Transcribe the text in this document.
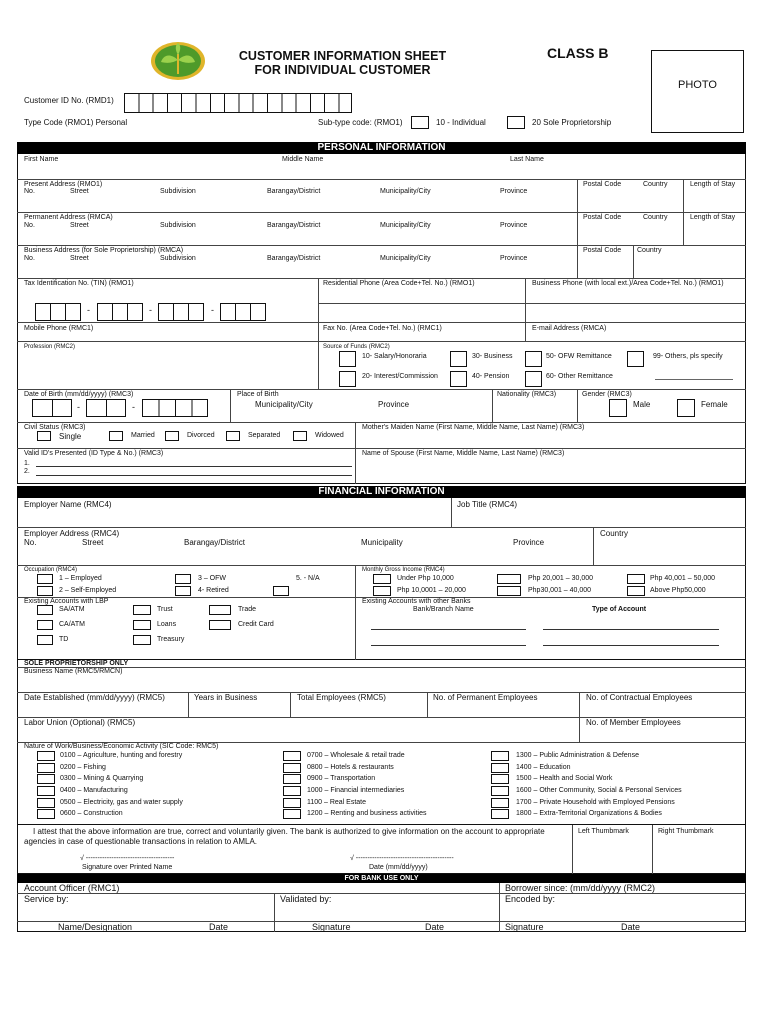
CUSTOMER INFORMATION SHEET
FOR INDIVIDUAL CUSTOMER
CLASS B
PHOTO
Customer ID No. (RMD1)
Type Code (RMO1) Personal	Sub-type code: (RMO1)	10 - Individual	20 Sole Proprietorship
PERSONAL INFORMATION
First Name	Middle Name	Last Name
Present Address (RMO1)
No.	Street	Subdivision	Barangay/District	Municipality/City	Province
Postal Code	Country	Length of Stay
Permanent Address (RMCA)
No.	Street	Subdivision	Barangay/District	Municipality/City	Province
Postal Code	Country	Length of Stay
Business Address (for Sole Proprietorship) (RMCA)
No.	Street	Subdivision	Barangay/District	Municipality/City	Province
Postal Code Country
Tax Identification No. (TIN) (RMO1)	Residential Phone (Area Code+Tel. No.) (RMO1)	Business Phone (with local ext.)/Area Code+Tel. No.) (RMO1)
-	-	-
Mobile Phone (RMC1)	Fax No. (Area Code+Tel. No.) (RMC1)	E-mail Address (RMCA)
Profession (RMC2)	Source of Funds (RMC2)
10- Salary/Honoraria	30- Business	50- OFW Remittance	99- Others, pls specify
20- Interest/Commission	40- Pension	60- Other Remittance
Date of Birth (mm/dd/yyyy) (RMC3)
-	-
Place of Birth
Municipality/City	Province
Nationality (RMC3)	Gender (RMC3)
Male	Female
Civil Status (RMC3)
Single	Married	Divorced	Separated	Widowed
Mother's Maiden Name (First Name, Middle Name, Last Name) (RMC3)
Valid ID's Presented (ID Type & No.) (RMC3)
1.
2.
Name of Spouse (First Name, Middle Name, Last Name) (RMC3)
FINANCIAL INFORMATION
Employer Name (RMC4)	Job Title (RMC4)
Employer Address (RMC4)
No.	Street	Barangay/District	Municipality	Province
Country
Occupation (RMC4)
1 – Employed	3 – OFW	5. - N/A
2 – Self-Employed	4- Retired
Monthly Gross Income (RMC4)
Under Php 10,000	Php 20,001 – 30,000	Php 40,001 – 50,000
Php 10,0001 – 20,000	Php30,001 – 40,000	Above Php50,000
Existing Accounts with LBP
SA/ATM	Trust	Trade
CA/ATM	Loans	Credit Card
TD	Treasury
Existing Accounts with other Banks
Bank/Branch Name	Type of Account
SOLE PROPRIETORSHIP ONLY
Business Name (RMC5/RMCN)
Date Established (mm/dd/yyyy) (RMC5)	Years in Business	Total Employees (RMC5)	No. of Permanent Employees	No. of Contractual Employees
Labor Union (Optional) (RMC5)	No. of Member Employees
Nature of Work/Business/Economic Activity (SIC Code: RMC5)
0100 – Agriculture, hunting and forestry
0200 – Fishing
0300 – Mining & Quarrying
0400 – Manufacturing
0500 – Electricity, gas and water supply
0600 – Construction
0700 – Wholesale & retail trade
0800 – Hotels & restaurants
0900 – Transportation
1000 – Financial intermediaries
1100 – Real Estate
1200 – Renting and business activities
1300 – Public Administration & Defense
1400 – Education
1500 – Health and Social Work
1600 – Other Community, Social & Personal Services
1700 – Private Household with Employed Pensions
1800 – Extra-Territorial Organizations & Bodies
I attest that the above information are true, correct and voluntarily given. The bank is authorized to give information on the account to appropriate
agencies in case of questionable transactions in relation to AMLA.
√ --------------------------------------
Signature over Printed Name
√ ------------------------------------------
Date (mm/dd/yyyy)
Left Thumbmark	Right Thumbmark
FOR BANK USE ONLY
Account Officer (RMC1)	Borrower since: (mm/dd/yyyy (RMC2)
Service by:	Validated by:	Encoded by:
Name/Designation	Date	Signature	Date	Signature	Date
